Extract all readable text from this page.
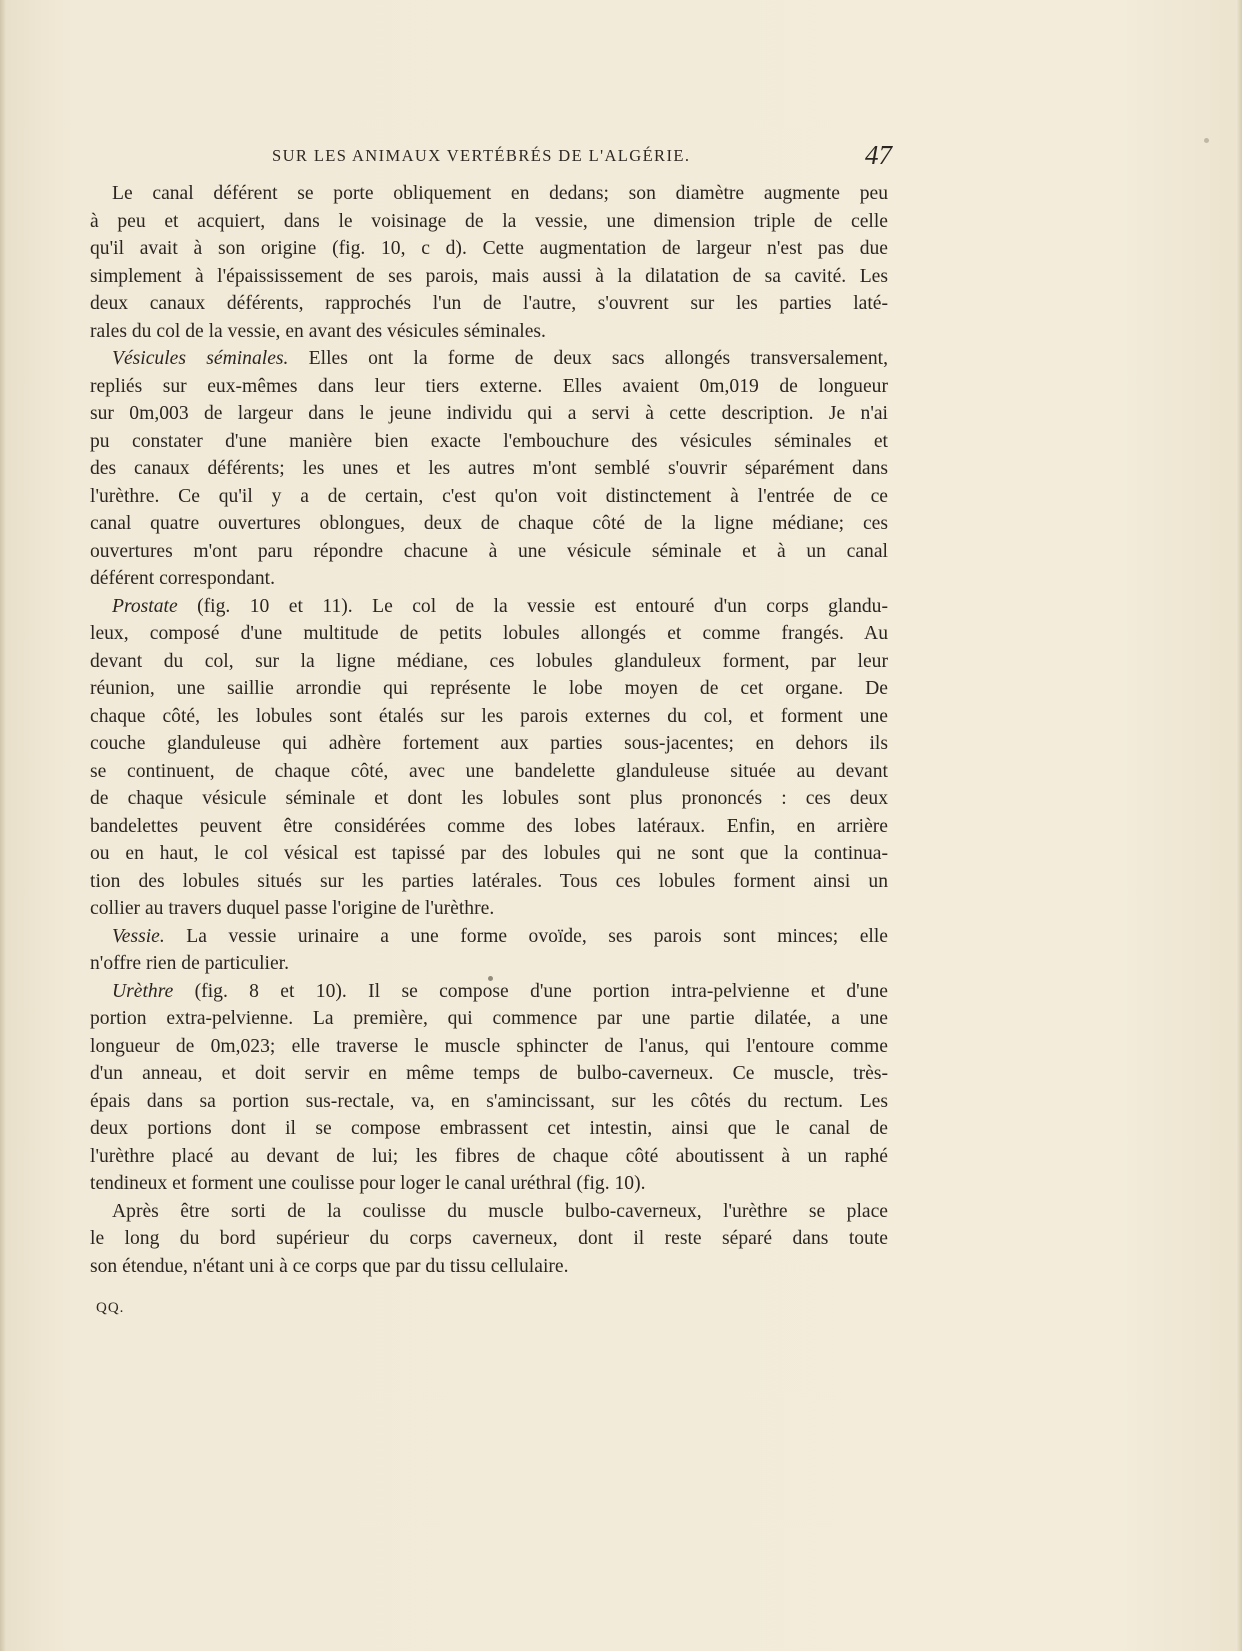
SUR LES ANIMAUX VERTÉBRÉS DE L'ALGÉRIE.	47
Le canal déférent se porte obliquement en dedans; son diamètre augmente peu
à peu et acquiert, dans le voisinage de la vessie, une dimension triple de celle
qu'il avait à son origine (fig. 10, c d). Cette augmentation de largeur n'est pas due
simplement à l'épaississement de ses parois, mais aussi à la dilatation de sa cavité. Les
deux canaux déférents, rapprochés l'un de l'autre, s'ouvrent sur les parties laté-
rales du col de la vessie, en avant des vésicules séminales.
Vésicules séminales. Elles ont la forme de deux sacs allongés transversalement,
repliés sur eux-mêmes dans leur tiers externe. Elles avaient 0m,019 de longueur
sur 0m,003 de largeur dans le jeune individu qui a servi à cette description. Je n'ai
pu constater d'une manière bien exacte l'embouchure des vésicules séminales et
des canaux déférents; les unes et les autres m'ont semblé s'ouvrir séparément dans
l'urèthre. Ce qu'il y a de certain, c'est qu'on voit distinctement à l'entrée de ce
canal quatre ouvertures oblongues, deux de chaque côté de la ligne médiane; ces
ouvertures m'ont paru répondre chacune à une vésicule séminale et à un canal
déférent correspondant.
Prostate (fig. 10 et 11). Le col de la vessie est entouré d'un corps glandu-
leux, composé d'une multitude de petits lobules allongés et comme frangés. Au
devant du col, sur la ligne médiane, ces lobules glanduleux forment, par leur
réunion, une saillie arrondie qui représente le lobe moyen de cet organe. De
chaque côté, les lobules sont étalés sur les parois externes du col, et forment une
couche glanduleuse qui adhère fortement aux parties sous-jacentes; en dehors ils
se continuent, de chaque côté, avec une bandelette glanduleuse située au devant
de chaque vésicule séminale et dont les lobules sont plus prononcés : ces deux
bandelettes peuvent être considérées comme des lobes latéraux. Enfin, en arrière
ou en haut, le col vésical est tapissé par des lobules qui ne sont que la continua-
tion des lobules situés sur les parties latérales. Tous ces lobules forment ainsi un
collier au travers duquel passe l'origine de l'urèthre.
Vessie. La vessie urinaire a une forme ovoïde, ses parois sont minces; elle
n'offre rien de particulier.
Urèthre (fig. 8 et 10). Il se compose d'une portion intra-pelvienne et d'une
portion extra-pelvienne. La première, qui commence par une partie dilatée, a une
longueur de 0m,023; elle traverse le muscle sphincter de l'anus, qui l'entoure comme
d'un anneau, et doit servir en même temps de bulbo-caverneux. Ce muscle, très-
épais dans sa portion sus-rectale, va, en s'amincissant, sur les côtés du rectum. Les
deux portions dont il se compose embrassent cet intestin, ainsi que le canal de
l'urèthre placé au devant de lui; les fibres de chaque côté aboutissent à un raphé
tendineux et forment une coulisse pour loger le canal uréthral (fig. 10).
Après être sorti de la coulisse du muscle bulbo-caverneux, l'urèthre se place
le long du bord supérieur du corps caverneux, dont il reste séparé dans toute
son étendue, n'étant uni à ce corps que par du tissu cellulaire.
QQ.
